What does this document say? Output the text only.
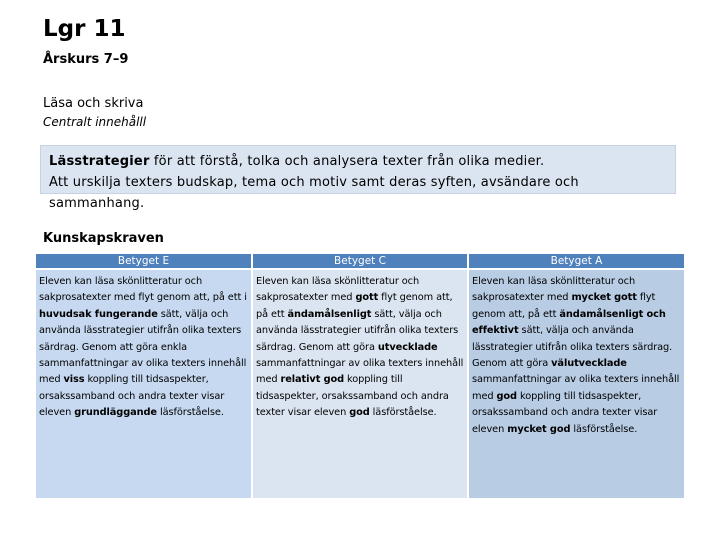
Lgr 11
Årskurs 7–9
Läsa och skriva
Centralt innehålll
Lässtrategier för att förstå, tolka och analysera texter från olika medier.
Att urskilja texters budskap, tema och motiv samt deras syften, avsändare och sammanhang.
Kunskapskraven
Betyget E
Eleven kan läsa skönlitteratur och sakprosatexter med flyt genom att, på ett i huvudsak fungerande sätt, välja och använda lässtrategier utifrån olika texters särdrag. Genom att göra enkla sammanfattningar av olika texters innehåll med viss koppling till tidsaspekter, orsakssamband och andra texter visar eleven grundläggande läsförståelse.
Betyget C
Eleven kan läsa skönlitteratur och sakprosatexter med gott flyt genom att, på ett ändamålsenligt sätt, välja och använda lässtrategier utifrån olika texters särdrag. Genom att göra utvecklade sammanfattningar av olika texters innehåll med relativt god koppling till tidsaspekter, orsakssamband och andra texter visar eleven god läsförståelse.
Betyget A
Eleven kan läsa skönlitteratur och sakprosatexter med mycket gott flyt genom att, på ett ändamålsenligt och effektivt sätt, välja och använda lässtrategier utifrån olika texters särdrag. Genom att göra välutvecklade sammanfattningar av olika texters innehåll med god koppling till tidsaspekter, orsakssamband och andra texter visar eleven mycket god läsförståelse.
